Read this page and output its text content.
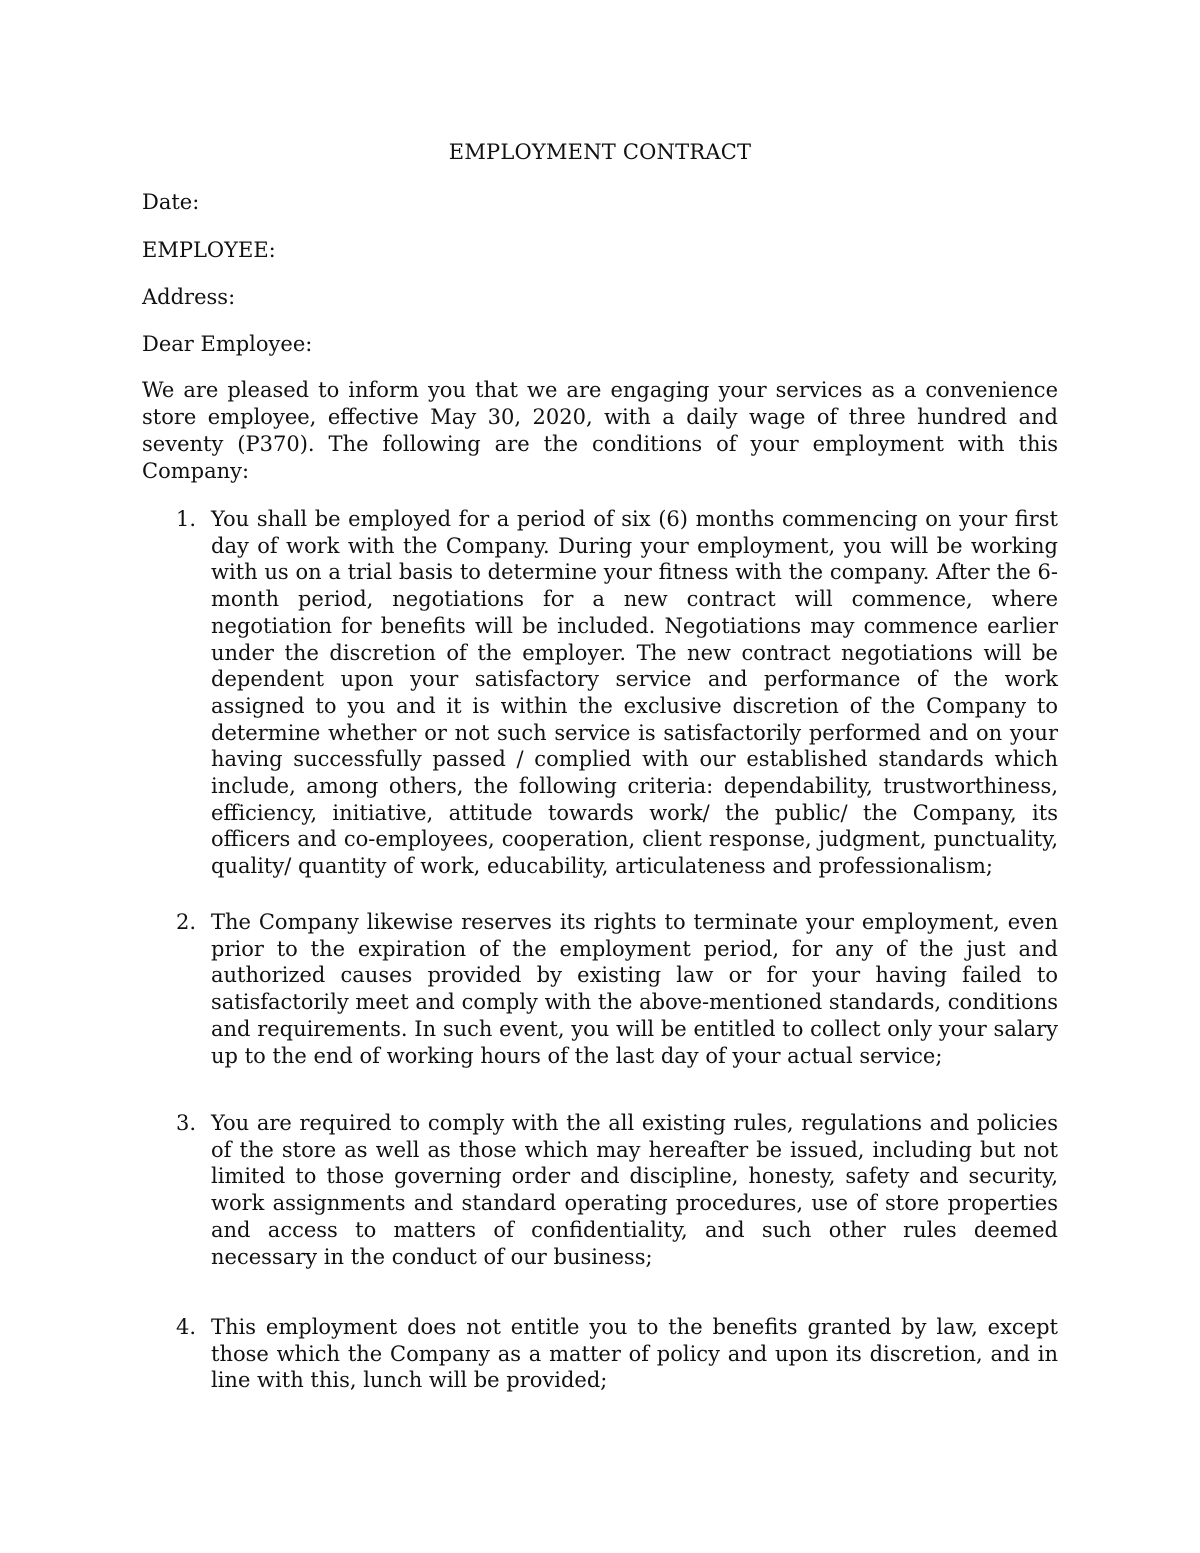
EMPLOYMENT CONTRACT
Date:
EMPLOYEE:
Address:
Dear Employee:
We are pleased to inform you that we are engaging your services as a convenience store employee, effective May 30, 2020, with a daily wage of three hundred and seventy (P370). The following are the conditions of your employment with this Company:
1. You shall be employed for a period of six (6) months commencing on your first day of work with the Company. During your employment, you will be working with us on a trial basis to determine your fitness with the company. After the 6-month period, negotiations for a new contract will commence, where negotiation for benefits will be included. Negotiations may commence earlier under the discretion of the employer. The new contract negotiations will be dependent upon your satisfactory service and performance of the work assigned to you and it is within the exclusive discretion of the Company to determine whether or not such service is satisfactorily performed and on your having successfully passed / complied with our established standards which include, among others, the following criteria: dependability, trustworthiness, efficiency, initiative, attitude towards work/ the public/ the Company, its officers and co-employees, cooperation, client response, judgment, punctuality, quality/ quantity of work, educability, articulateness and professionalism;
2. The Company likewise reserves its rights to terminate your employment, even prior to the expiration of the employment period, for any of the just and authorized causes provided by existing law or for your having failed to satisfactorily meet and comply with the above-mentioned standards, conditions and requirements. In such event, you will be entitled to collect only your salary up to the end of working hours of the last day of your actual service;
3. You are required to comply with the all existing rules, regulations and policies of the store as well as those which may hereafter be issued, including but not limited to those governing order and discipline, honesty, safety and security, work assignments and standard operating procedures, use of store properties and access to matters of confidentiality, and such other rules deemed necessary in the conduct of our business;
4. This employment does not entitle you to the benefits granted by law, except those which the Company as a matter of policy and upon its discretion, and in line with this, lunch will be provided;
